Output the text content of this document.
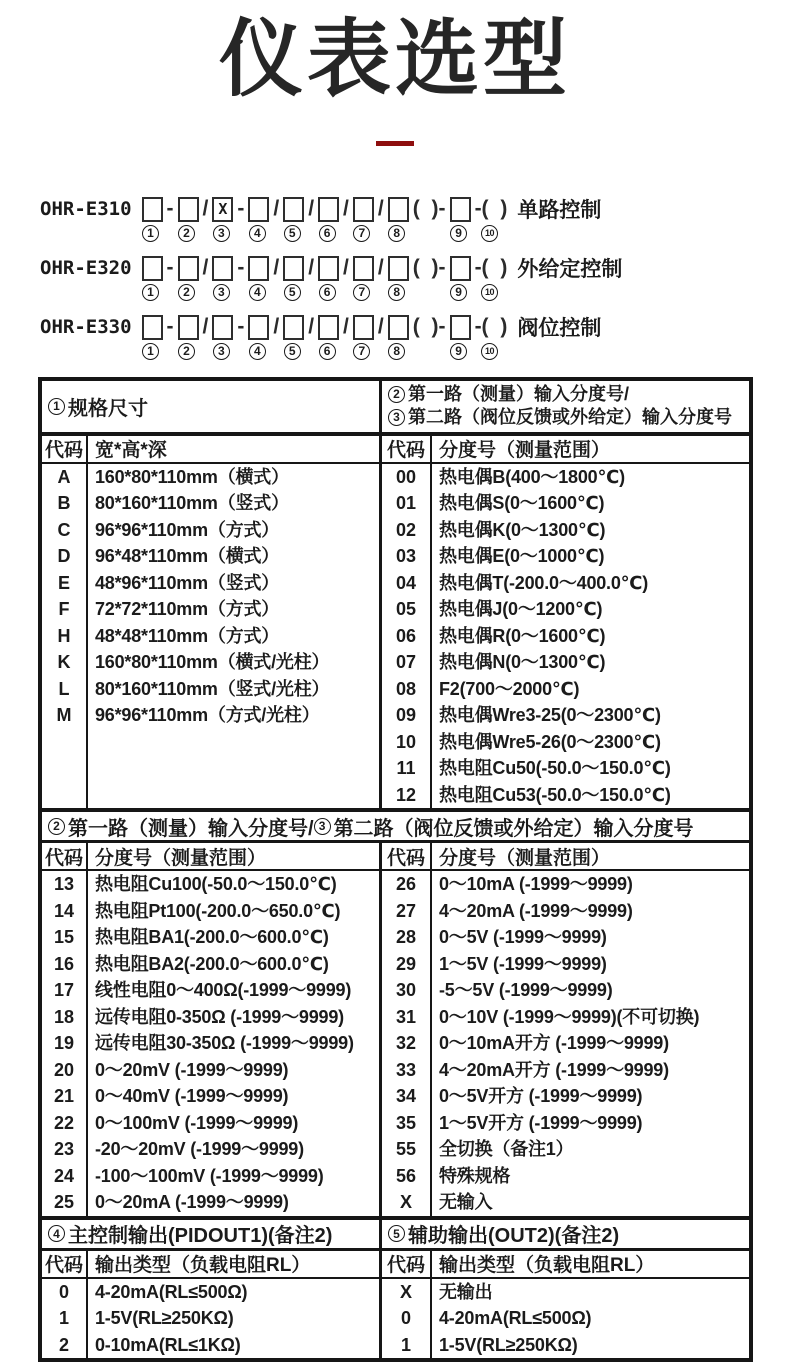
仪表选型
OHR-E310
1
-
2
/ X
3
-
4
/
5
/
6
/
7
/
8
( )-
9
-( )
10
单路控制
OHR-E320
1
-
2
/
3
-
4
/
5
/
6
/
7
/
8
( )-
9
-( )
10
外给定控制
OHR-E330
1
-
2
/
3
-
4
/
5
/
6
/
7
/
8
( )-
9
-( )
10
阀位控制
1 规格尺寸
代码 宽*高*深
A
B
C
D
E
F
H
K
L
M
160*80*110mm（横式）
80*160*110mm（竖式）
96*96*110mm（方式）
96*48*110mm（横式）
48*96*110mm（竖式）
72*72*110mm（方式）
48*48*110mm（方式）
160*80*110mm（横式/光柱）
80*160*110mm（竖式/光柱）
96*96*110mm（方式/光柱）
2 第一路（测量）输入分度号/
3 第二路（阀位反馈或外给定）输入分度号
代码 分度号（测量范围）
00
01
02
03
04
05
06
07
08
09
10
11
12
热电偶B(400～1800℃)
热电偶S(0～1600℃)
热电偶K(0～1300℃)
热电偶E(0～1000℃)
热电偶T(-200.0～400.0℃)
热电偶J(0～1200℃)
热电偶R(0～1600℃)
热电偶N(0～1300℃)
F2(700～2000℃)
热电偶Wre3-25(0～2300℃)
热电偶Wre5-26(0～2300℃)
热电阻Cu50(-50.0～150.0℃)
热电阻Cu53(-50.0～150.0℃)
2 第一路（测量）输入分度号/ 3 第二路（阀位反馈或外给定）输入分度号
代码 分度号（测量范围）
13
14
15
16
17
18
19
20
21
22
23
24
25
热电阻Cu100(-50.0～150.0℃)
热电阻Pt100(-200.0～650.0℃)
热电阻BA1(-200.0～600.0℃)
热电阻BA2(-200.0～600.0℃)
线性电阻0～400Ω(-1999～9999)
远传电阻0-350Ω (-1999～9999)
远传电阻30-350Ω (-1999～9999)
0～20mV (-1999～9999)
0～40mV (-1999～9999)
0～100mV (-1999～9999)
-20～20mV (-1999～9999)
-100～100mV (-1999～9999)
0～20mA (-1999～9999)
代码 分度号（测量范围）
26
27
28
29
30
31
32
33
34
35
55
56
X
0～10mA (-1999～9999)
4～20mA (-1999～9999)
0～5V (-1999～9999)
1～5V (-1999～9999)
-5～5V (-1999～9999)
0～10V (-1999～9999)(不可切换)
0～10mA开方 (-1999～9999)
4～20mA开方 (-1999～9999)
0～5V开方 (-1999～9999)
1～5V开方 (-1999～9999)
全切换（备注1）
特殊规格
无输入
4 主控制输出(PIDOUT1)(备注2)
代码 输出类型（负载电阻RL）
0
1
2
4-20mA(RL≤500Ω)
1-5V(RL≥250KΩ)
0-10mA(RL≤1KΩ)
5 辅助输出(OUT2)(备注2)
代码 输出类型（负载电阻RL）
X
0
1
无输出
4-20mA(RL≤500Ω)
1-5V(RL≥250KΩ)
